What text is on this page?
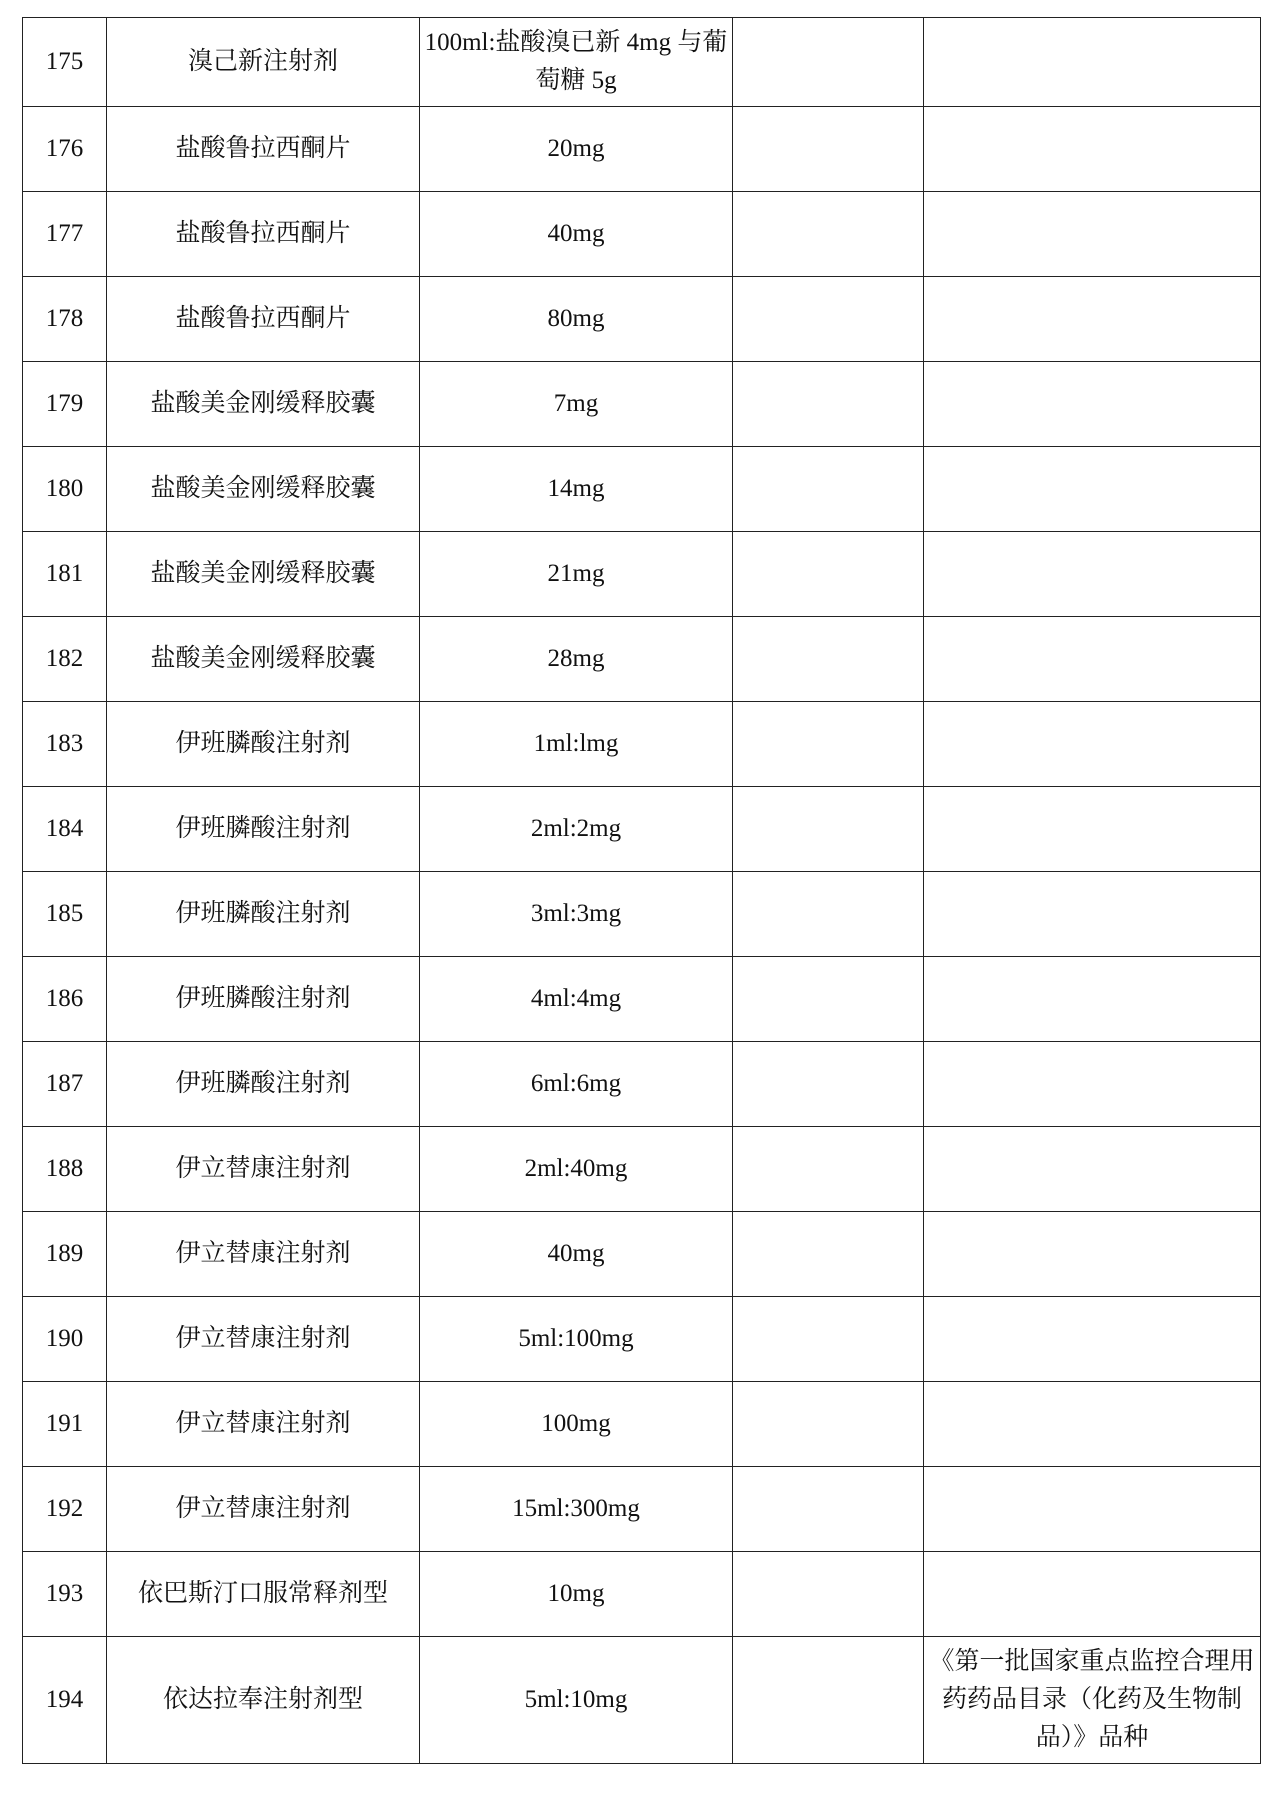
175	溴己新注射剂	100ml:盐酸溴已新 4mg 与葡萄糖 5g		
176	盐酸鲁拉西酮片	20mg		
177	盐酸鲁拉西酮片	40mg		
178	盐酸鲁拉西酮片	80mg		
179	盐酸美金刚缓释胶囊	7mg		
180	盐酸美金刚缓释胶囊	14mg		
181	盐酸美金刚缓释胶囊	21mg		
182	盐酸美金刚缓释胶囊	28mg		
183	伊班膦酸注射剂	1ml:lmg		
184	伊班膦酸注射剂	2ml:2mg		
185	伊班膦酸注射剂	3ml:3mg		
186	伊班膦酸注射剂	4ml:4mg		
187	伊班膦酸注射剂	6ml:6mg		
188	伊立替康注射剂	2ml:40mg		
189	伊立替康注射剂	40mg		
190	伊立替康注射剂	5ml:100mg		
191	伊立替康注射剂	100mg		
192	伊立替康注射剂	15ml:300mg		
193	依巴斯汀口服常释剂型	10mg		
194	依达拉奉注射剂型	5ml:10mg		《第一批国家重点监控合理用药药品目录（化药及生物制品）》品种
